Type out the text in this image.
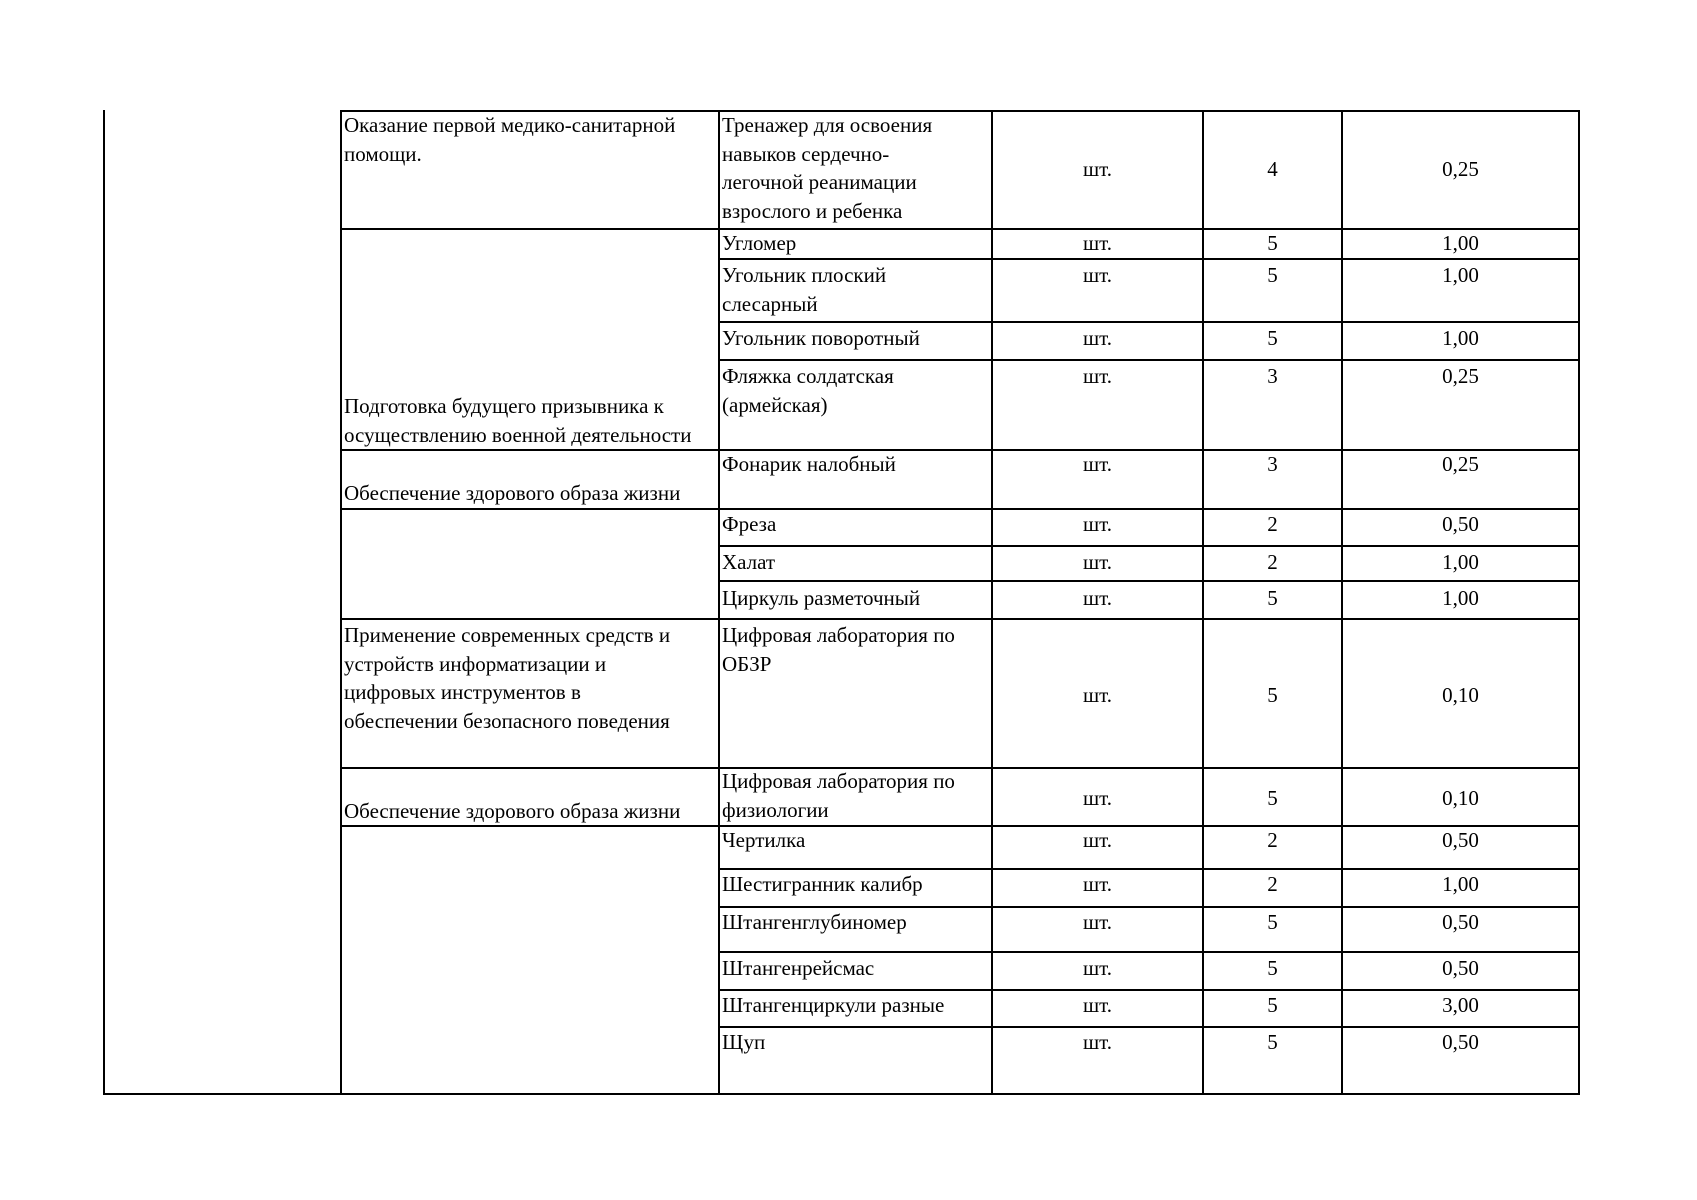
Оказание первой медико-санитарной
помощи.
Подготовка будущего призывника к
осуществлению военной деятельности
Обеспечение здорового образа жизни
Применение современных средств и
устройств информатизации и
цифровых инструментов в
обеспечении безопасного поведения
Обеспечение здорового образа жизни
Тренажер для освоения
навыков сердечно-
легочной реанимации
взрослого и ребенка
Угломер
Угольник плоский
слесарный
Угольник поворотный
Фляжка солдатская
(армейская)
Фонарик налобный
Фреза
Халат
Циркуль разметочный
Цифровая лаборатория по
ОБЗР
Цифровая лаборатория по
физиологии
Чертилка
Шестигранник калибр
Штангенглубиномер
Штангенрейсмас
Штангенциркули разные
Щуп
шт.
шт.
шт.
шт.
шт.
шт.
шт.
шт.
шт.
шт.
шт.
шт.
шт.
шт.
шт.
шт.
шт.
4
5
5
5
3
3
2
2
5
5
5
2
2
5
5
5
5
0,25
1,00
1,00
1,00
0,25
0,25
0,50
1,00
1,00
0,10
0,10
0,50
1,00
0,50
0,50
3,00
0,50
